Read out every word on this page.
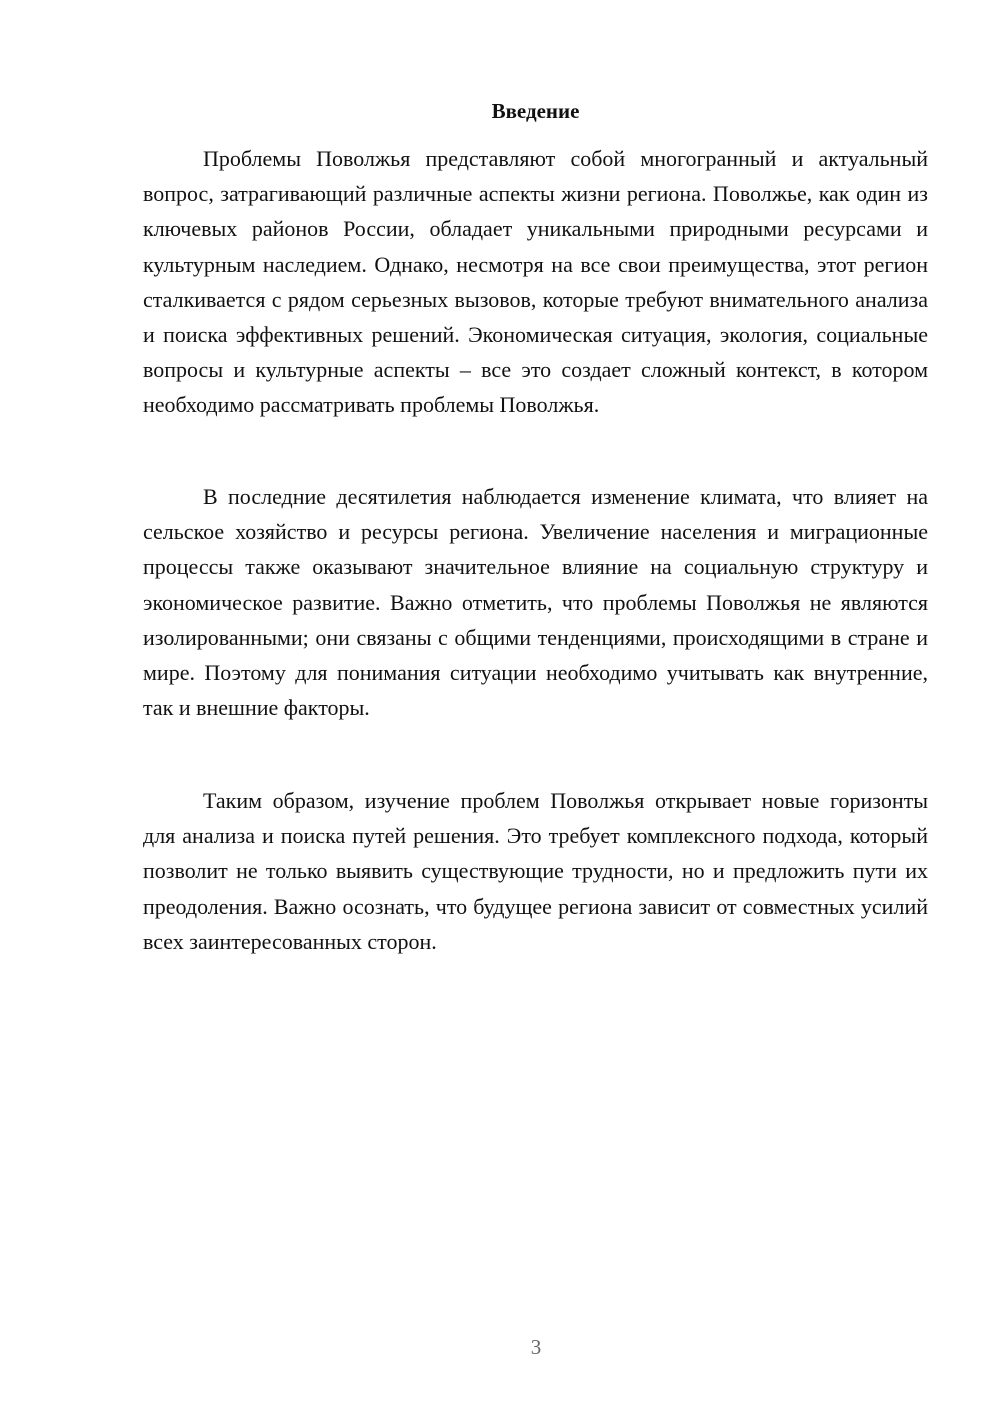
Введение

Проблемы Поволжья представляют собой многогранный и актуальный вопрос, затрагивающий различные аспекты жизни региона. Поволжье, как один из ключевых районов России, обладает уникальными природными ресурсами и культурным наследием. Однако, несмотря на все свои преимущества, этот регион сталкивается с рядом серьезных вызовов, которые требуют внимательного анализа и поиска эффективных решений. Экономическая ситуация, экология, социальные вопросы и культурные аспекты – все это создает сложный контекст, в котором необходимо рассматривать проблемы Поволжья.

В последние десятилетия наблюдается изменение климата, что влияет на сельское хозяйство и ресурсы региона. Увеличение населения и миграционные процессы также оказывают значительное влияние на социальную структуру и экономическое развитие. Важно отметить, что проблемы Поволжья не являются изолированными; они связаны с общими тенденциями, происходящими в стране и мире. Поэтому для понимания ситуации необходимо учитывать как внутренние, так и внешние факторы.

Таким образом, изучение проблем Поволжья открывает новые горизонты для анализа и поиска путей решения. Это требует комплексного подхода, который позволит не только выявить существующие трудности, но и предложить пути их преодоления. Важно осознать, что будущее региона зависит от совместных усилий всех заинтересованных сторон.

3
